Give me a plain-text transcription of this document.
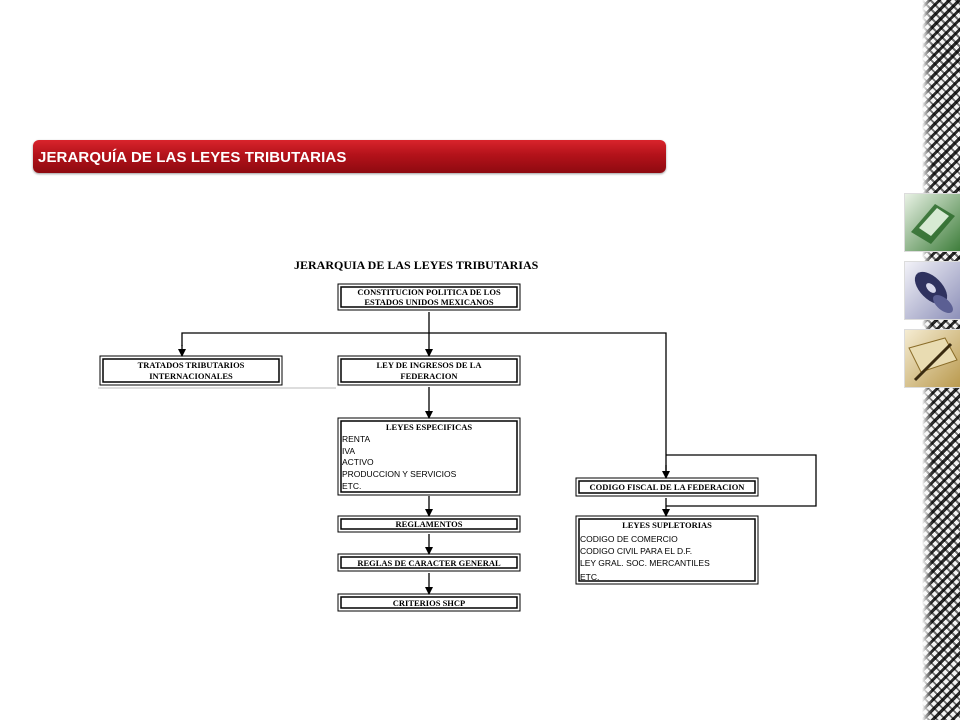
JERARQUÍA DE LAS LEYES TRIBUTARIAS
JERARQUIA DE LAS LEYES TRIBUTARIAS
CONSTITUCION POLITICA DE LOS
ESTADOS UNIDOS MEXICANOS
TRATADOS TRIBUTARIOS
INTERNACIONALES
LEY DE INGRESOS DE LA
FEDERACION
LEYES ESPECIFICAS
RENTA
IVA
ACTIVO
PRODUCCION Y SERVICIOS
ETC.
REGLAMENTOS
REGLAS DE CARACTER GENERAL
CRITERIOS SHCP
CODIGO FISCAL DE LA FEDERACION
LEYES SUPLETORIAS
CODIGO DE COMERCIO
CODIGO CIVIL PARA EL D.F.
LEY GRAL. SOC. MERCANTILES
ETC.
